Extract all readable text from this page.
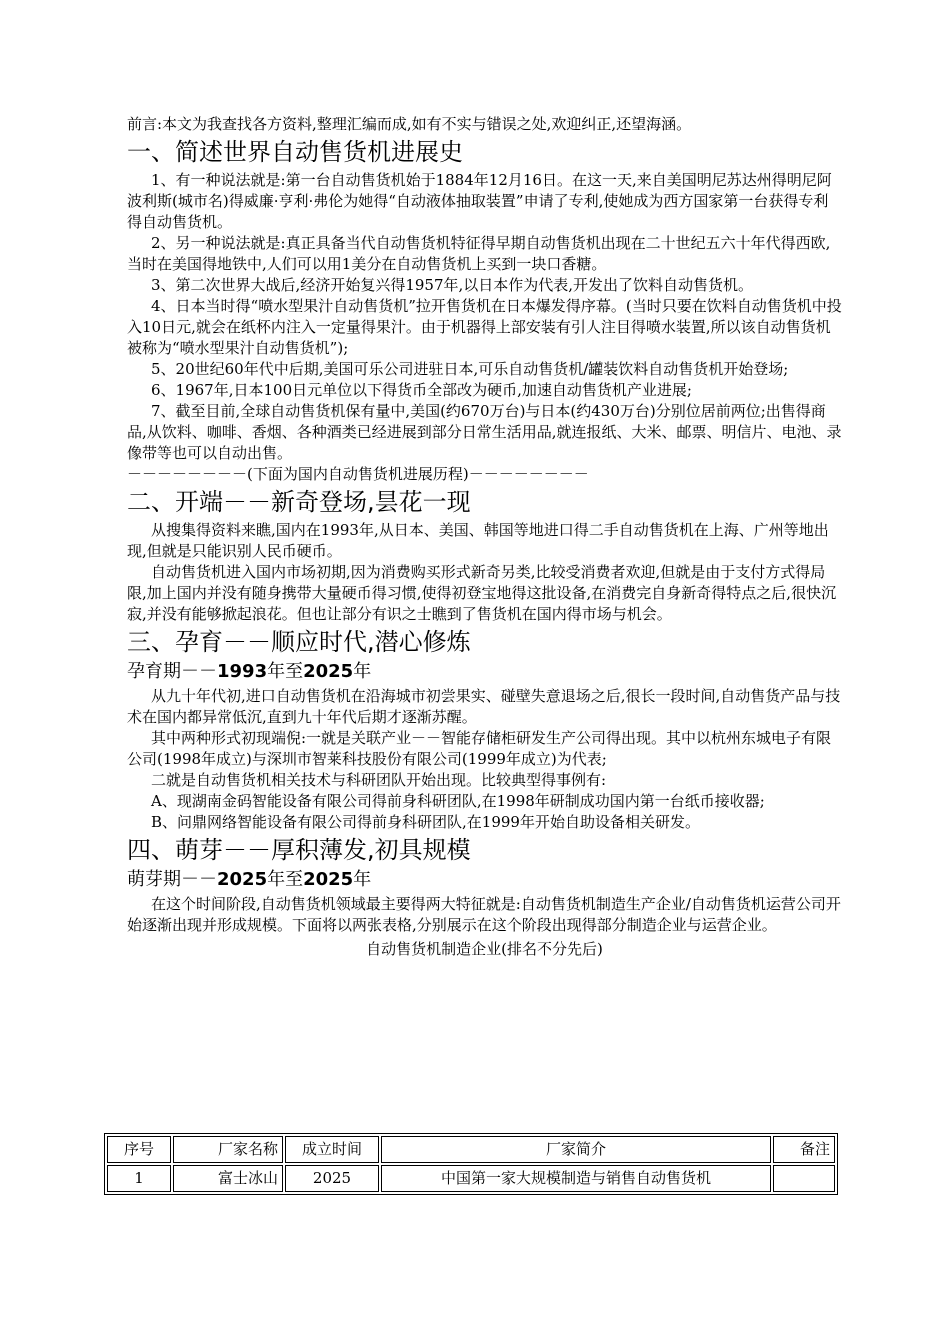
前言:本文为我查找各方资料,整理汇编而成,如有不实与错误之处,欢迎纠正,还望海涵。

一、简述世界自动售货机进展史

1、有一种说法就是:第一台自动售货机始于1884年12月16日。在这一天,来自美国明尼苏达州得明尼阿波利斯(城市名)得威廉·亨利·弗伦为她得“自动液体抽取装置”申请了专利,使她成为西方国家第一台获得专利得自动售货机。

2、另一种说法就是:真正具备当代自动售货机特征得早期自动售货机出现在二十世纪五六十年代得西欧,当时在美国得地铁中,人们可以用1美分在自动售货机上买到一块口香糖。

3、第二次世界大战后,经济开始复兴得1957年,以日本作为代表,开发出了饮料自动售货机。

4、日本当时得“喷水型果汁自动售货机”拉开售货机在日本爆发得序幕。(当时只要在饮料自动售货机中投入10日元,就会在纸杯内注入一定量得果汁。由于机器得上部安装有引人注目得喷水装置,所以该自动售货机被称为“喷水型果汁自动售货机”);

5、20世纪60年代中后期,美国可乐公司进驻日本,可乐自动售货机/罐装饮料自动售货机开始登场;

6、1967年,日本100日元单位以下得货币全部改为硬币,加速自动售货机产业进展;

7、截至目前,全球自动售货机保有量中,美国(约670万台)与日本(约430万台)分别位居前两位;出售得商品,从饮料、咖啡、香烟、各种酒类已经进展到部分日常生活用品,就连报纸、大米、邮票、明信片、电池、录像带等也可以自动出售。

－－－－－－－－(下面为国内自动售货机进展历程)－－－－－－－－

二、开端－－新奇登场,昙花一现

从搜集得资料来瞧,国内在1993年,从日本、美国、韩国等地进口得二手自动售货机在上海、广州等地出现,但就是只能识别人民币硬币。

自动售货机进入国内市场初期,因为消费购买形式新奇另类,比较受消费者欢迎,但就是由于支付方式得局限,加上国内并没有随身携带大量硬币得习惯,使得初登宝地得这批设备,在消费完自身新奇得特点之后,很快沉寂,并没有能够掀起浪花。但也让部分有识之士瞧到了售货机在国内得市场与机会。

三、孕育－－顺应时代,潜心修炼
孕育期－－1993年至2025年

从九十年代初,进口自动售货机在沿海城市初尝果实、碰壁失意退场之后,很长一段时间,自动售货产品与技术在国内都异常低沉,直到九十年代后期才逐渐苏醒。

其中两种形式初现端倪:一就是关联产业－－智能存储柜研发生产公司得出现。其中以杭州东城电子有限公司(1998年成立)与深圳市智莱科技股份有限公司(1999年成立)为代表;

二就是自动售货机相关技术与科研团队开始出现。比较典型得事例有:

A、现湖南金码智能设备有限公司得前身科研团队,在1998年研制成功国内第一台纸币接收器;

B、问鼎网络智能设备有限公司得前身科研团队,在1999年开始自助设备相关研发。

四、萌芽－－厚积薄发,初具规模
萌芽期－－2025年至2025年

在这个时间阶段,自动售货机领域最主要得两大特征就是:自动售货机制造生产企业/自动售货机运营公司开始逐渐出现并形成规模。下面将以两张表格,分别展示在这个阶段出现得部分制造企业与运营企业。

自动售货机制造企业(排名不分先后)

序号	厂家名称	成立时间	厂家简介	备注
1	富士冰山	2025	中国第一家大规模制造与销售自动售货机	
